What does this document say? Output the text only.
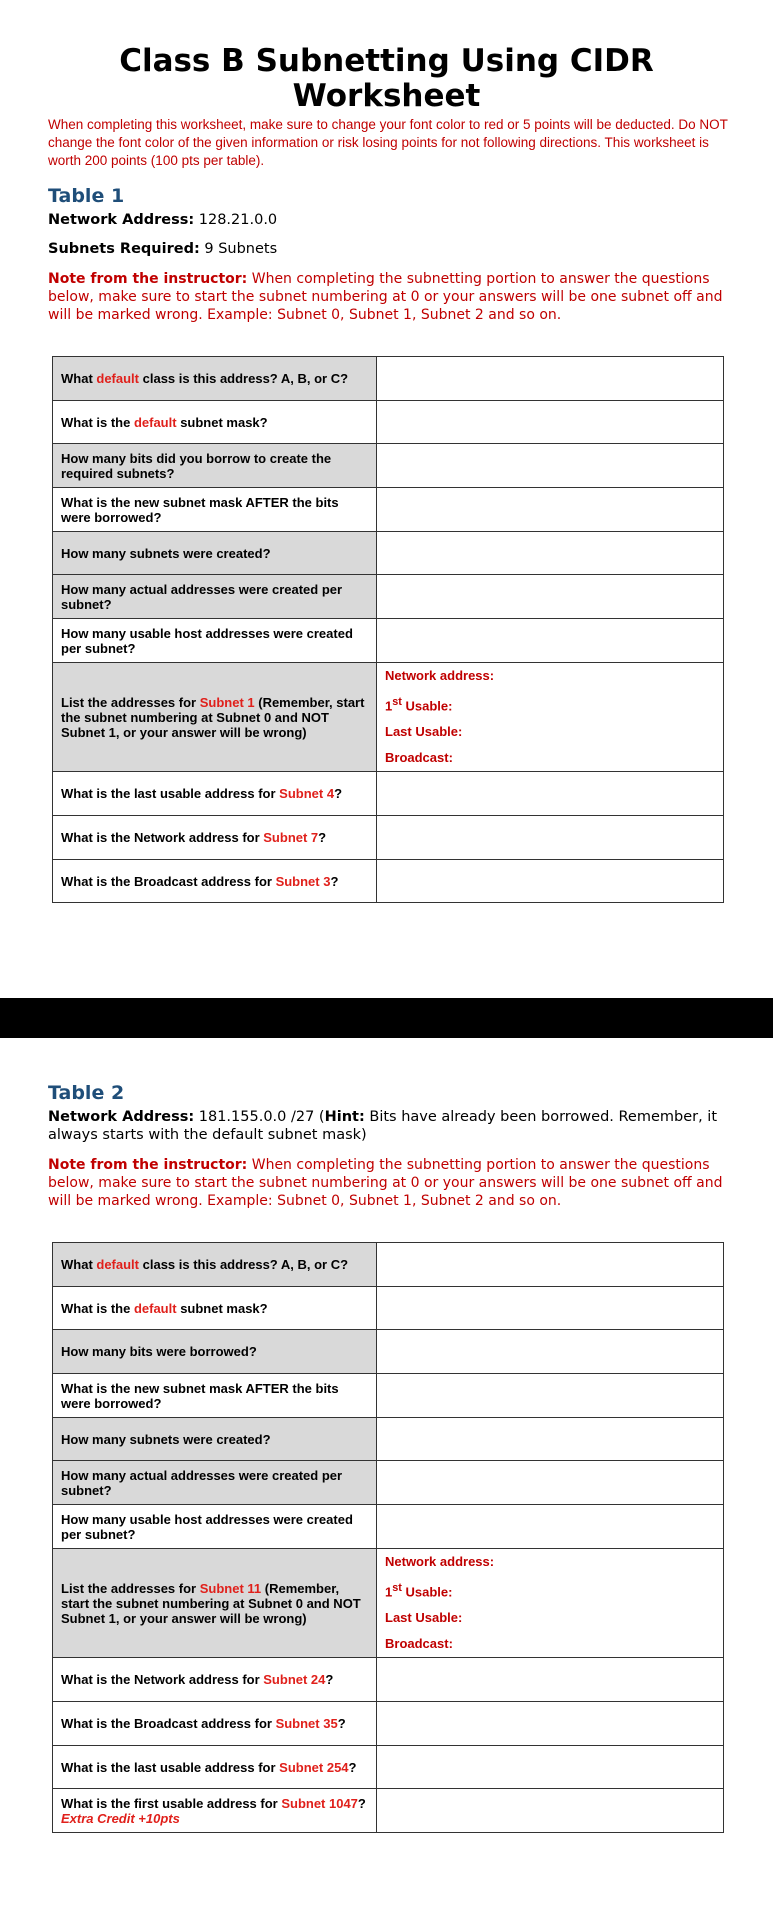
Class B Subnetting Using CIDR
Worksheet
When completing this worksheet, make sure to change your font color to red or 5 points will be deducted. Do NOT change the font color of the given information or risk losing points for not following directions. This worksheet is worth 200 points (100 pts per table).
Table 1
Network Address: 128.21.0.0
Subnets Required: 9 Subnets
Note from the instructor: When completing the subnetting portion to answer the questions below, make sure to start the subnet numbering at 0 or your answers will be one subnet off and will be marked wrong. Example: Subnet 0, Subnet 1, Subnet 2 and so on.
What default class is this address? A, B, or C?	
What is the default subnet mask?	
How many bits did you borrow to create the required subnets?	
What is the new subnet mask AFTER the bits were borrowed?	
How many subnets were created?	
How many actual addresses were created per subnet?	
How many usable host addresses were created per subnet?	
List the addresses for Subnet 1 (Remember, start the subnet numbering at Subnet 0 and NOT Subnet 1, or your answer will be wrong)	Network address:
1st Usable:
Last Usable:
Broadcast:

What is the last usable address for Subnet 4?	
What is the Network address for Subnet 7?	
What is the Broadcast address for Subnet 3?	
Table 2
Network Address: 181.155.0.0 /27 (Hint: Bits have already been borrowed. Remember, it always starts with the default subnet mask)
Note from the instructor: When completing the subnetting portion to answer the questions below, make sure to start the subnet numbering at 0 or your answers will be one subnet off and will be marked wrong. Example: Subnet 0, Subnet 1, Subnet 2 and so on.
What default class is this address? A, B, or C?	
What is the default subnet mask?	
How many bits were borrowed?	
What is the new subnet mask AFTER the bits were borrowed?	
How many subnets were created?	
How many actual addresses were created per subnet?	
How many usable host addresses were created per subnet?	
List the addresses for Subnet 11 (Remember, start the subnet numbering at Subnet 0 and NOT Subnet 1, or your answer will be wrong)	Network address:
1st Usable:
Last Usable:
Broadcast:

What is the Network address for Subnet 24?	
What is the Broadcast address for Subnet 35?	
What is the last usable address for Subnet 254?	
What is the first usable address for Subnet 1047? Extra Credit +10pts	
